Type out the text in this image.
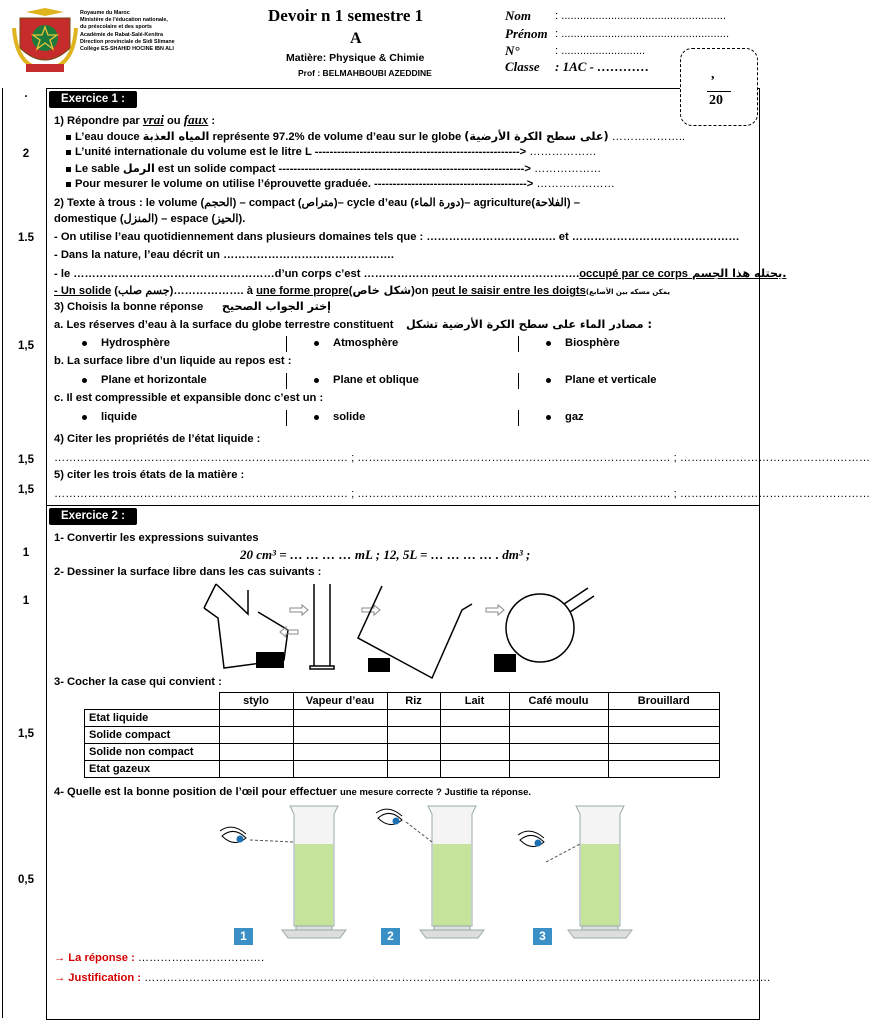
Royaume du Maroc
Ministère de l'éducation nationale,
du préscolaire et des sports
Académie de Rabat-Salé-Kenitra
Direction provinciale de Sidi Slimane
Collège ES-SHAHID HOCINE IBN ALI
Devoir n 1 semestre 1
A
Matière: Physique & Chimie
Prof : BELMAHBOUBI AZEDDINE
Nom : .....................................................
Prénom : ......................................................
N°	: ...........................
Classe : 1AC - …………
,
20
.
2
1.5
1,5
1,5
1,5
1
1
1,5
0,5
Exercice 1 :
1) Répondre par vrai ou faux :
L’eau douce المياه العذبة représente 97.2% de volume d’eau sur le globe (على سطح الكرة الأرضية) ………………..
L’unité internationale du volume est le litre L -------------------------------------------------------> ………………
Le sable الرمل est un solide compact ------------------------------------------------------------------> ………………
Pour mesurer le volume on utilise l’éprouvette graduée. -----------------------------------------> …………………
2) Texte à trous : le volume (الحجم) – compact (متراص)– cycle d’eau (دورة الماء)– agriculture(الفلاحة) –
domestique (المنزل) – espace (الحيز).
- On utilise l’eau quotidiennement dans plusieurs domaines tels que : ………………………….…. et ………………………………………
- Dans la nature, l’eau décrit un ……………………………………….
- le ………………………………………………d’un corps c’est ………………………………………………….occupé par ce corps يحتله هذا الجسم.
- Un solide (جسم صلب)………………. à une forme propre(شكل خاص)on peut le saisir entre les doigts(يمكن مسكه بين الأصابع
3) Choisis la bonne réponse إختر الجواب الصحيح
a. Les réserves d’eau à la surface du globe terrestre constituent مصادر الماء على سطح الكرة الأرضية تشكل :
Hydrosphère	Atmosphère	Biosphère
b. La surface libre d’un liquide au repos est :
Plane et horizontale	Plane et oblique	Plane et verticale
c. Il est compressible et expansible donc c’est un :
liquide	solide	gaz
4) Citer les propriétés de l’état liquide :
…………………………………………………………….……… ; ………………………………………………………………………… ; ……………………………………………
5) citer les trois états de la matière :
…………………………………………………………….……… ; ………………………………………………………………………… ; ……………………………………………
Exercice 2 :
1- Convertir les expressions suivantes
20 cm³ = … … … … mL ; 12, 5L = … … … … . dm³ ;
2- Dessiner la surface libre dans les cas suivants :
3- Cocher la case qui convient :
	stylo	Vapeur d’eau	Riz	Lait	Café moulu	Brouillard
Etat liquide						
Solide compact						
Solide non compact						
Etat gazeux						
4- Quelle est la bonne position de l’œil pour effectuer une mesure correcte ? Justifie ta réponse.
1	2	3
→ La réponse : …………………………….
→ Justification : ……………………………………………………………………………………………………………………………………………………
